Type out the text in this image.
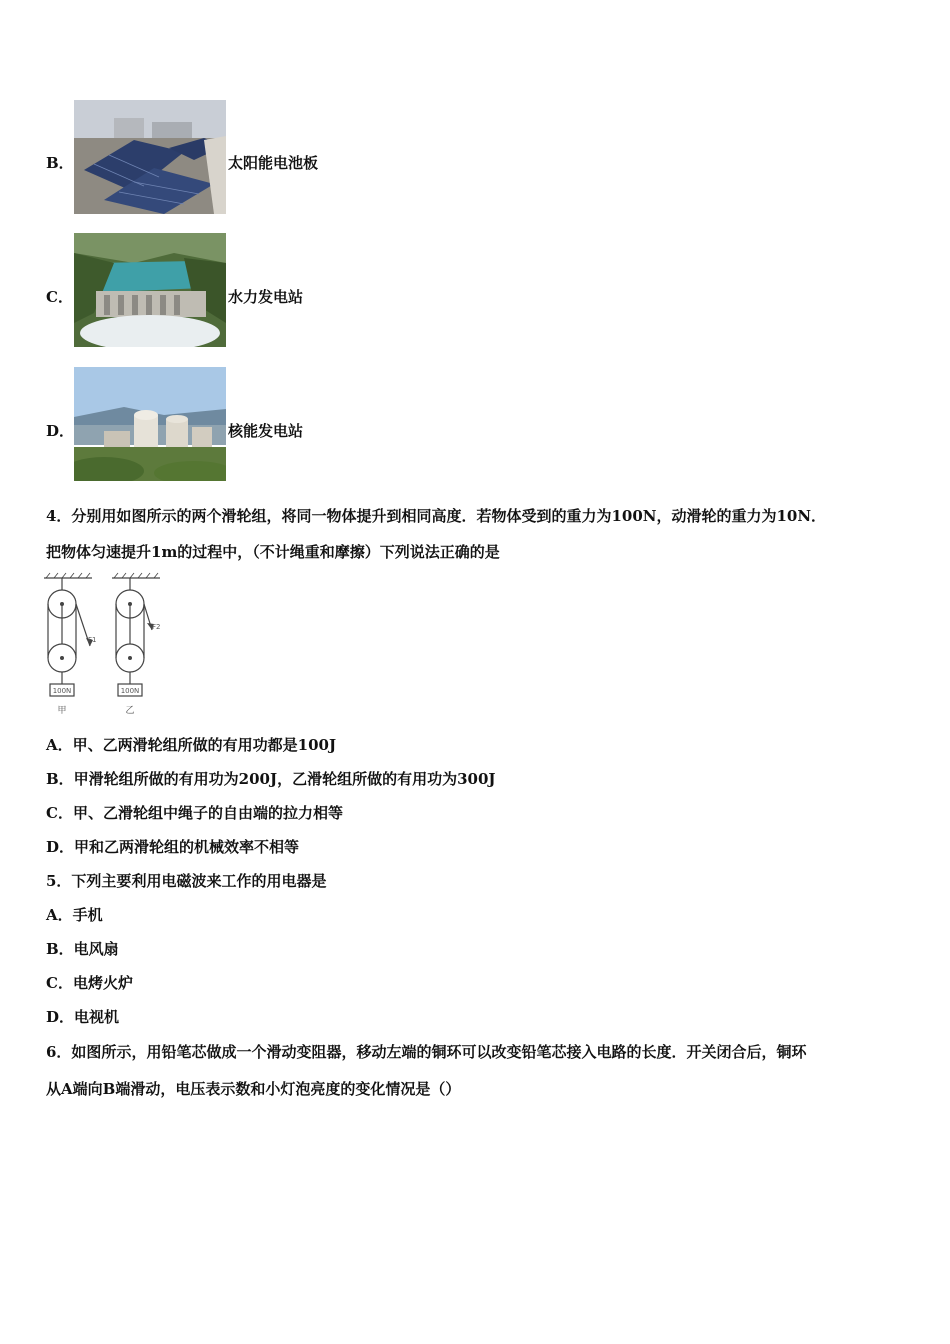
B．	太阳能电池板
C．	水力发电站
D．	核能发电站
4．分别用如图所示的两个滑轮组，将同一物体提升到相同高度．若物体受到的重力为100N，动滑轮的重力为10N．
把物体匀速提升1m的过程中，（不计绳重和摩擦）下列说法正确的是
100N	100N
F1
F2
甲	乙
A．甲、乙两滑轮组所做的有用功都是100J
B．甲滑轮组所做的有用功为200J，乙滑轮组所做的有用功为300J
C．甲、乙滑轮组中绳子的自由端的拉力相等
D．甲和乙两滑轮组的机械效率不相等
5．下列主要利用电磁波来工作的用电器是
A．手机
B．电风扇
C．电烤火炉
D．电视机
6．如图所示，用铅笔芯做成一个滑动变阻器，移动左端的铜环可以改变铅笔芯接入电路的长度．开关闭合后，铜环
从A端向B端滑动，电压表示数和小灯泡亮度的变化情况是（）
